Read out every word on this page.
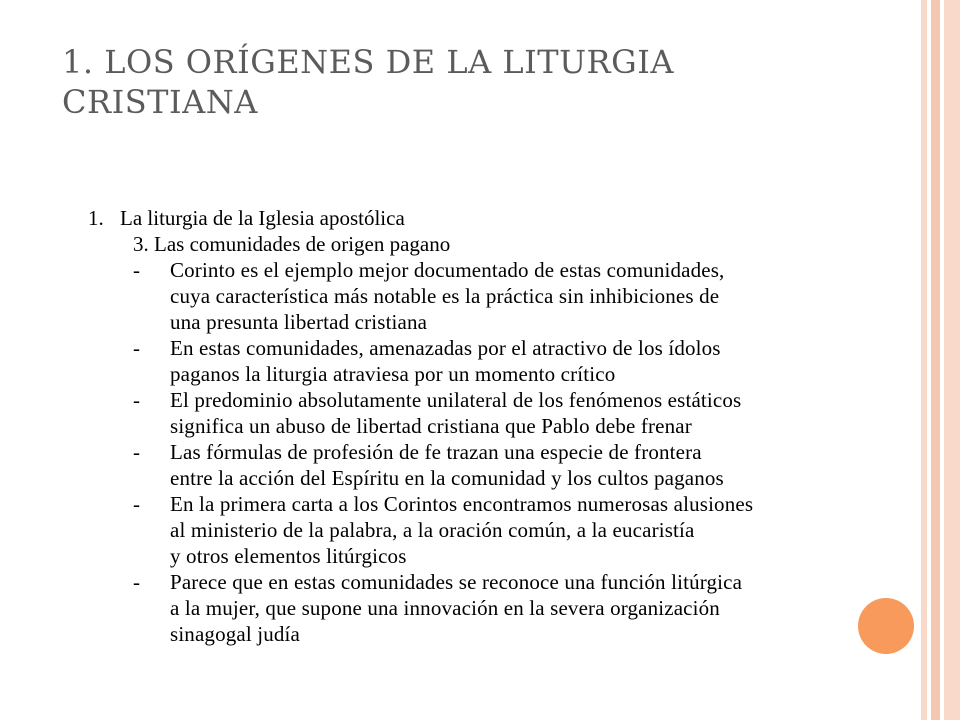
1. LOS ORÍGENES DE LA LITURGIA
CRISTIANA
1. La liturgia de la Iglesia apostólica
3. Las comunidades de origen pagano
-	Corinto es el ejemplo mejor documentado de estas comunidades,
cuya característica más notable es la práctica sin inhibiciones de
una presunta libertad cristiana
-	En estas comunidades, amenazadas por el atractivo de los ídolos
paganos la liturgia atraviesa por un momento crítico
-	El predominio absolutamente unilateral de los fenómenos estáticos
significa un abuso de libertad cristiana que Pablo debe frenar
-	Las fórmulas de profesión de fe trazan una especie de frontera
entre la acción del Espíritu en la comunidad y los cultos paganos
-	En la primera carta a los Corintos encontramos numerosas alusiones
al ministerio de la palabra, a la oración común, a la eucaristía
y otros elementos litúrgicos
-	Parece que en estas comunidades se reconoce una función litúrgica
a la mujer, que supone una innovación en la severa organización
sinagogal judía
